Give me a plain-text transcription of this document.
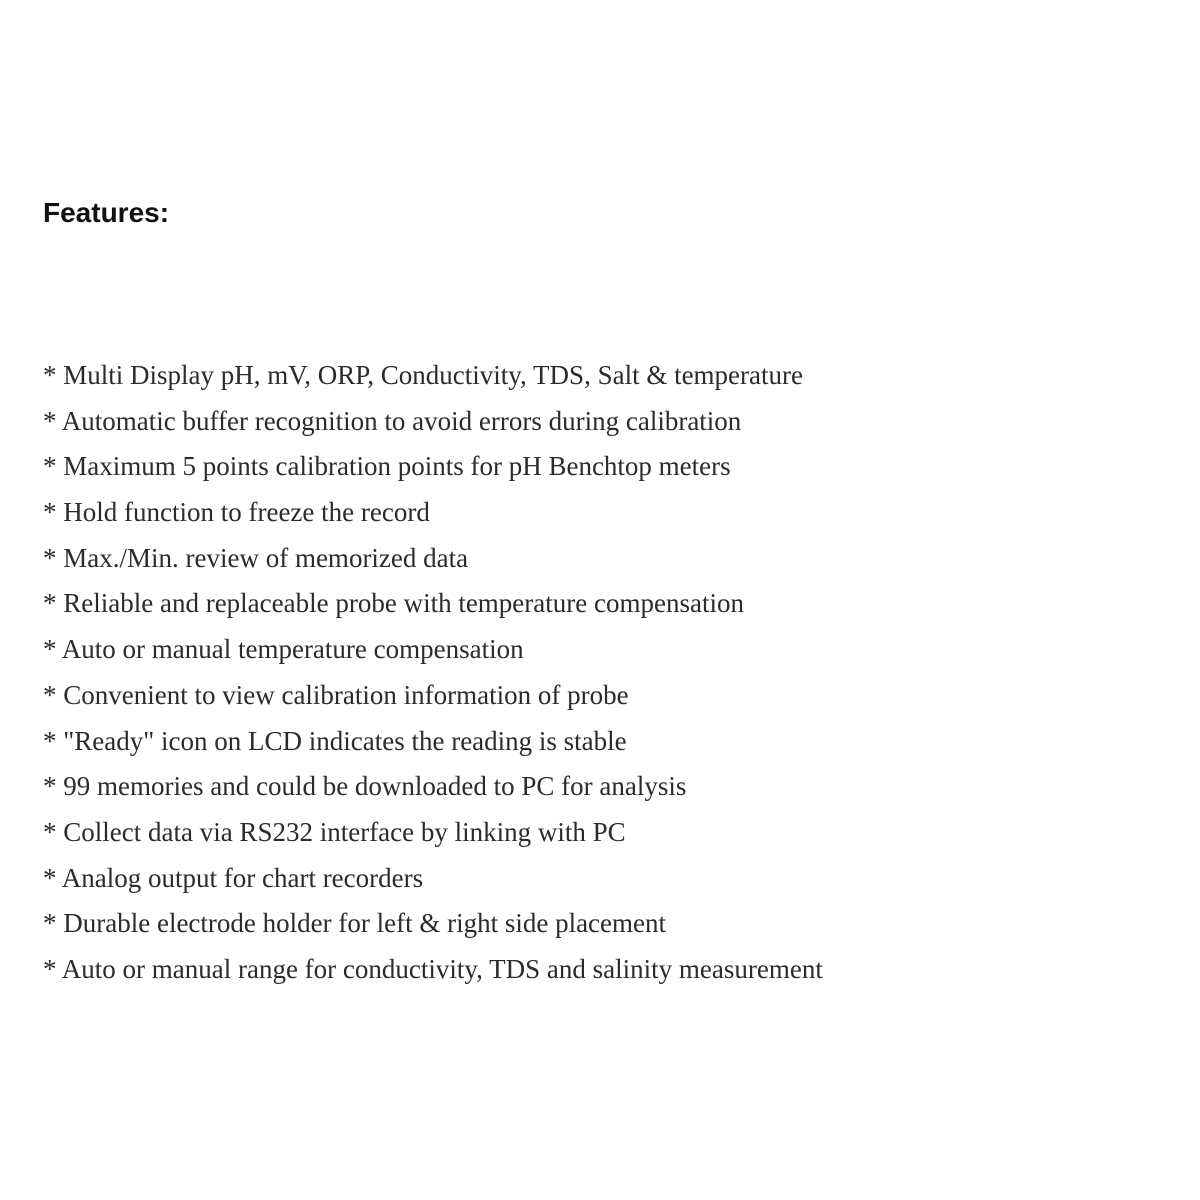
Features:
* Multi Display pH, mV, ORP, Conductivity, TDS, Salt & temperature
* Automatic buffer recognition to avoid errors during calibration
* Maximum 5 points calibration points for pH Benchtop meters
* Hold function to freeze the record
* Max./Min. review of memorized data
* Reliable and replaceable probe with temperature compensation
* Auto or manual temperature compensation
* Convenient to view calibration information of probe
* "Ready" icon on LCD indicates the reading is stable
* 99 memories and could be downloaded to PC for analysis
* Collect data via RS232 interface by linking with PC
* Analog output for chart recorders
* Durable electrode holder for left & right side placement
* Auto or manual range for conductivity, TDS and salinity measurement
